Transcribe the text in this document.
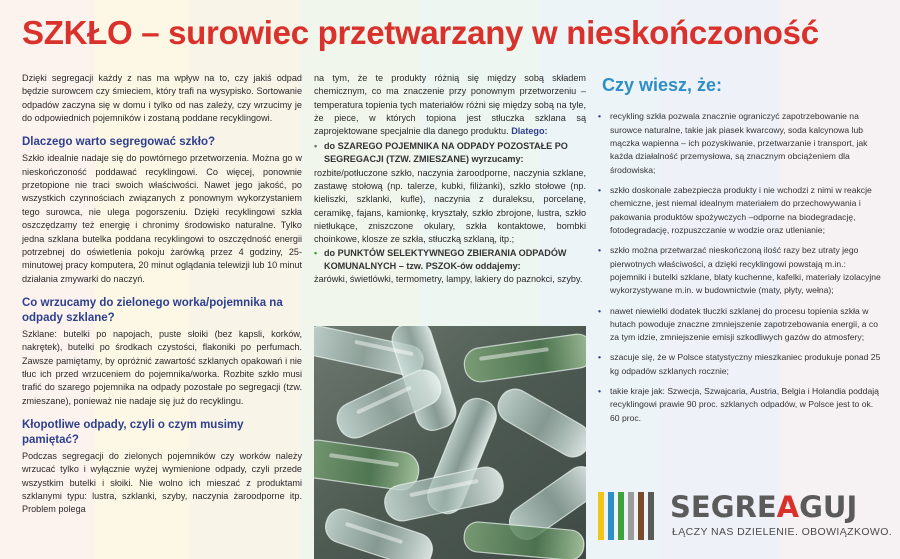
SZKŁO – surowiec przetwarzany w nieskończoność

Dzięki segregacji każdy z nas ma wpływ na to, czy jakiś odpad będzie surowcem czy śmieciem, który trafi na wysypisko. Sortowanie odpadów zaczyna się w domu i tylko od nas zależy, czy wrzucimy je do odpowiednich pojemników i zostaną poddane recyklingowi.

Dlaczego warto segregować szkło?

Szkło idealnie nadaje się do powtórnego przetworzenia. Można go w nieskończoność poddawać recyklingowi. Co więcej, ponownie przetopione nie traci swoich właściwości. Nawet jego jakość, po wszystkich czynnościach związanych z ponownym wykorzystaniem tego surowca, nie ulega pogorszeniu. Dzięki recyklingowi szkła oszczędzamy też energię i chronimy środowisko naturalne. Tylko jedna szklana butelka poddana recyklingowi to oszczędność energii potrzebnej do oświetlenia pokoju żarówką przez 4 godziny, 25-minutowej pracy komputera, 20 minut oglądania telewizji lub 10 minut działania zmywarki do naczyń.

Co wrzucamy do zielonego worka/pojemnika na odpady szklane?

Szklane: butelki po napojach, puste słoiki (bez kapsli, korków, nakrętek), butelki po środkach czystości, flakoniki po perfumach. Zawsze pamiętamy, by opróżnić zawartość szklanych opakowań i nie tłuc ich przed wrzuceniem do pojemnika/worka. Rozbite szkło musi trafić do szarego pojemnika na odpady pozostałe po segregacji (tzw. zmieszane), ponieważ nie nadaje się już do recyklingu.

Kłopotliwe odpady, czyli o czym musimy pamiętać?

Podczas segregacji do zielonych pojemników czy worków należy wrzucać tylko i wyłącznie wyżej wymienione odpady, czyli przede wszystkim butelki i słoiki. Nie wolno ich mieszać z produktami szklanymi typu: lustra, szklanki, szyby, naczynia żaroodporne itp. Problem polega

na tym, że te produkty różnią się między sobą składem chemicznym, co ma znaczenie przy ponownym przetworzeniu – temperatura topienia tych materiałów różni się między sobą na tyle, że piece, w których topiona jest stłuczka szklana są zaprojektowane specjalnie dla danego produktu. Dlatego:

• do SZAREGO POJEMNIKA NA ODPADY POZOSTAŁE PO SEGREGACJI (TZW. ZMIESZANE) wyrzucamy:
rozbite/potłuczone szkło, naczynia żaroodporne, naczynia szklane, zastawę stołową (np. talerze, kubki, filiżanki), szkło stołowe (np. kieliszki, szklanki, kufle), naczynia z duraleksu, porcelanę, ceramikę, fajans, kamionkę, kryształy, szkło zbrojone, lustra, szkło nietłukące, zniszczone okulary, szkła kontaktowe, bombki choinkowe, klosze ze szkła, stłuczką szklaną, itp.;
• do PUNKTÓW SELEKTYWNEGO ZBIERANIA ODPADÓW KOMUNALNYCH – tzw. PSZOK-ów oddajemy:
żarówki, świetlówki, termometry, lampy, lakiery do paznokci, szyby.
Czy wiesz, że:
• recykling szkła pozwala znacznie ograniczyć zapotrzebowanie na surowce naturalne, takie jak piasek kwarcowy, soda kalcynowa lub mączka wapienna – ich pozyskiwanie, przetwarzanie i transport, jak każda działalność przemysłowa, są znacznym obciążeniem dla środowiska;
• szkło doskonale zabezpiecza produkty i nie wchodzi z nimi w reakcje chemiczne, jest niemal idealnym materiałem do przechowywania i pakowania produktów spożywczych –odporne na biodegradację, fotodegradację, rozpuszczanie w wodzie oraz utlenianie;
• szkło można przetwarzać nieskończoną ilość razy bez utraty jego pierwotnych właściwości, a dzięki recyklingowi powstają m.in.: pojemniki i butelki szklane, blaty kuchenne, kafelki, materiały izolacyjne wykorzystywane m.in. w budownictwie (maty, płyty, wełna);
• nawet niewielki dodatek tłuczki szklanej do procesu topienia szkła w hutach powoduje znaczne zmniejszenie zapotrzebowania energii, a co za tym idzie, zmniejszenie emisji szkodliwych gazów do atmosfery;
• szacuje się, że w Polsce statystyczny mieszkaniec produkuje ponad 25 kg odpadów szklanych rocznie;
• takie kraje jak: Szwecja, Szwajcaria, Austria, Belgia i Holandia poddają recyklingowi prawie 90 proc. szklanych odpadów, w Polsce jest to ok. 60 proc.
SEGREAGUJ
ŁĄCZY NAS DZIELENIE. OBOWIĄZKOWO.
